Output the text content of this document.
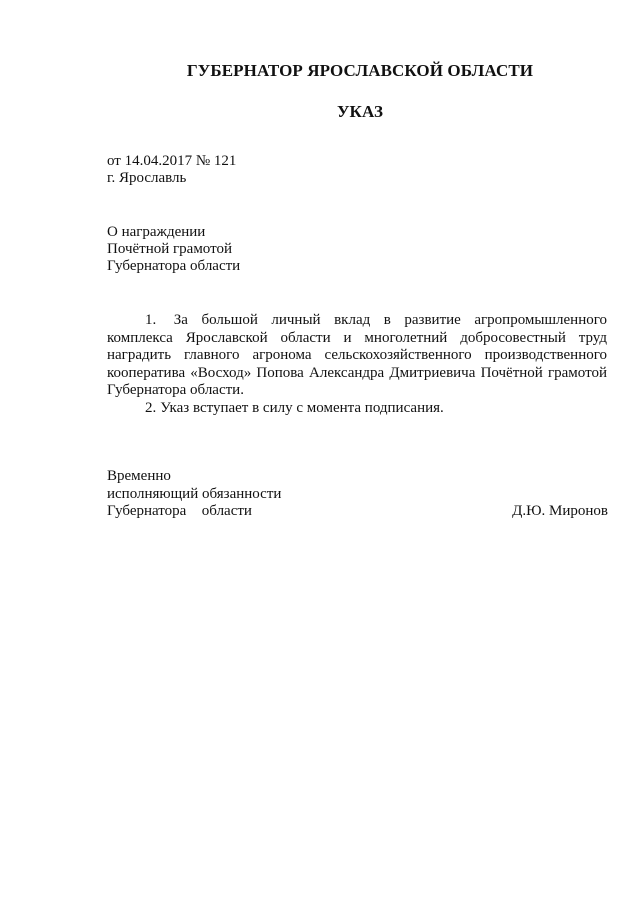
ГУБЕРНАТОР ЯРОСЛАВСКОЙ ОБЛАСТИ
УКАЗ
от 14.04.2017 № 121
г. Ярославль
О награждении
Почётной грамотой
Губернатора области

1. За большой личный вклад в развитие агропромышленного комплекса Ярославской области и многолетний добросовестный труд наградить главного агронома сельскохозяйственного производственного кооператива «Восход» Попова Александра Дмитриевича Почётной грамотой Губернатора области.

2. Указ вступает в силу с момента подписания.

Временно
исполняющий обязанности
Губернатора  области	Д.Ю. Миронов
